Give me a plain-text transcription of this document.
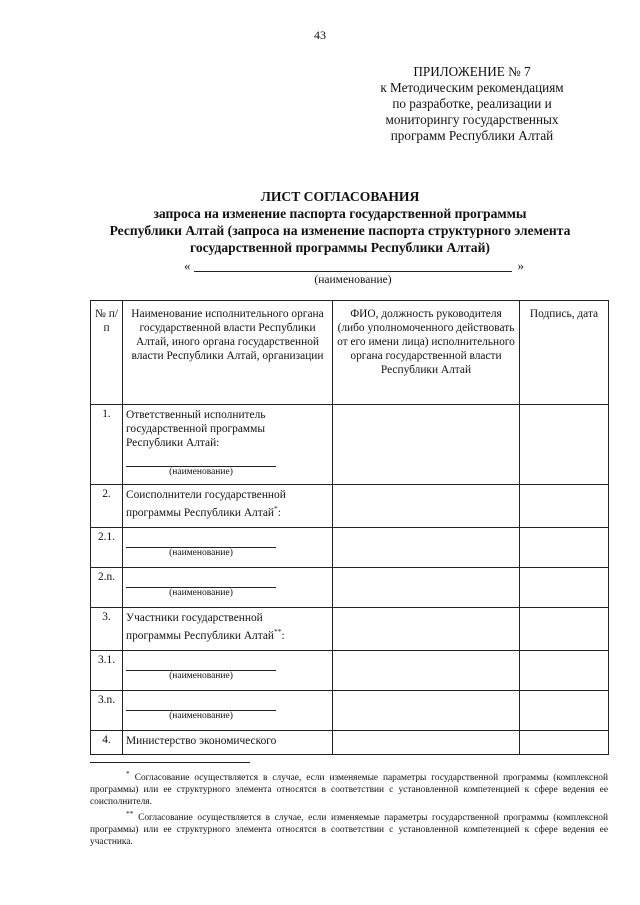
43
ПРИЛОЖЕНИЕ № 7
к Методическим рекомендациям
по разработке, реализации и
мониторингу государственных
программ Республики Алтай
ЛИСТ СОГЛАСОВАНИЯ
запроса на изменение паспорта государственной программы
Республики Алтай (запроса на изменение паспорта структурного элемента
государственной программы Республики Алтай)
«	»
(наименование)
№ п/п	Наименование исполнительного органа государственной власти Республики Алтай, иного органа государственной власти Республики Алтай, организации	ФИО, должность руководителя (либо уполномоченного действовать от его имени лица) исполнительного органа государственной власти Республики Алтай	Подпись, дата
1.	Ответственный исполнитель
государственной программы
Республики Алтай:
(наименование)		

2.	Соисполнители государственной
программы Республики Алтай*:		
2.1.	(наименование)		

2.n.	(наименование)		

3.	Участники государственной
программы Республики Алтай**:		
3.1.	(наименование)		

3.n.	(наименование)		

4.	Министерство экономического		

* Согласование осуществляется в случае, если изменяемые параметры государственной программы (комплексной программы) или ее структурного элемента относятся в соответствии с установленной компетенцией к сфере ведения ее соисполнителя.

** Согласование осуществляется в случае, если изменяемые параметры государственной программы (комплексной программы) или ее структурного элемента относятся в соответствии с установленной компетенцией к сфере ведения ее участника.
